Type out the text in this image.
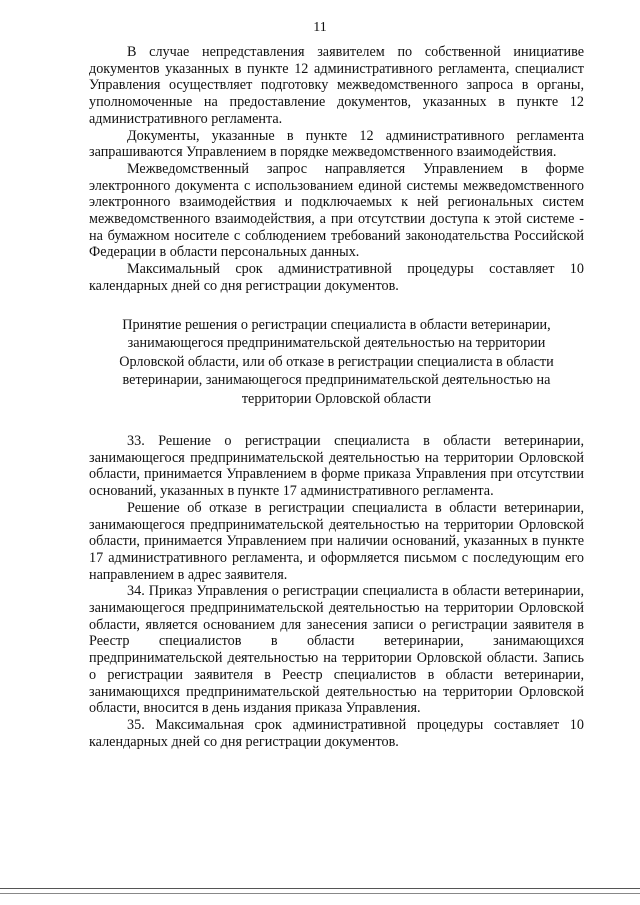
11

В случае непредставления заявителем по собственной инициативе документов указанных в пункте 12 административного регламента, специалист Управления осуществляет подготовку межведомственного запроса в органы, уполномоченные на предоставление документов, указанных в пункте 12 административного регламента.

Документы, указанные в пункте 12 административного регламента запрашиваются Управлением в порядке межведомственного взаимодействия.

Межведомственный запрос направляется Управлением в форме электронного документа с использованием единой системы межведомственного электронного взаимодействия и подключаемых к ней региональных систем межведомственного взаимодействия, а при отсутствии доступа к этой системе - на бумажном носителе с соблюдением требований законодательства Российской Федерации в области персональных данных.

Максимальный срок административной процедуры составляет 10 календарных дней со дня регистрации документов.

Принятие решения о регистрации специалиста в области ветеринарии, занимающегося предпринимательской деятельностью на территории Орловской области, или об отказе в регистрации специалиста в области ветеринарии, занимающегося предпринимательской деятельностью на территории Орловской области

33. Решение о регистрации специалиста в области ветеринарии, занимающегося предпринимательской деятельностью на территории Орловской области, принимается Управлением в форме приказа Управления при отсутствии оснований, указанных в пункте 17 административного регламента.

Решение об отказе в регистрации специалиста в области ветеринарии, занимающегося предпринимательской деятельностью на территории Орловской области, принимается Управлением при наличии оснований, указанных в пункте 17 административного регламента, и оформляется письмом с последующим его направлением в адрес заявителя.

34. Приказ Управления о регистрации специалиста в области ветеринарии, занимающегося предпринимательской деятельностью на территории Орловской области, является основанием для занесения записи о регистрации заявителя в Реестр специалистов в области ветеринарии, занимающихся предпринимательской деятельностью на территории Орловской области. Запись о регистрации заявителя в Реестр специалистов в области ветеринарии, занимающихся предпринимательской деятельностью на территории Орловской области, вносится в день издания приказа Управления.

35. Максимальная срок административной процедуры составляет 10 календарных дней со дня регистрации документов.
